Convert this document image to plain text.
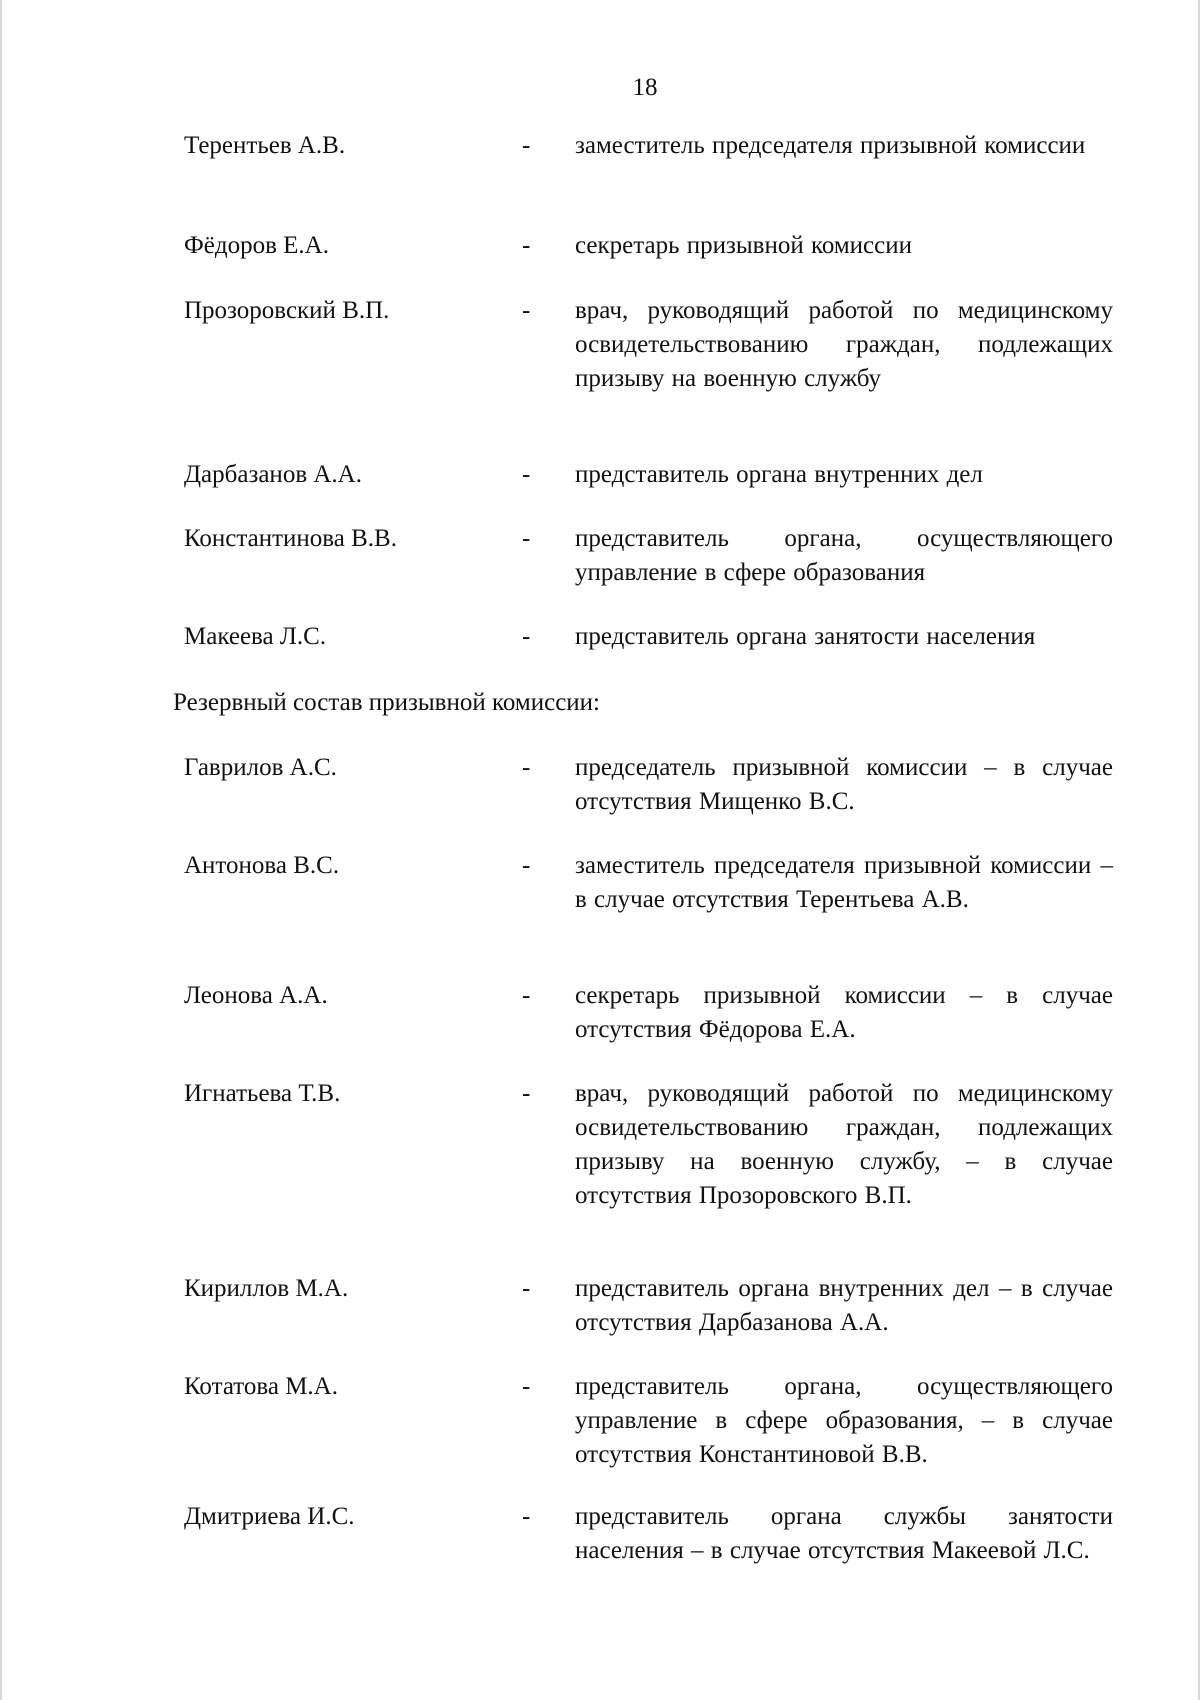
18
Терентьев А.В.	- заместитель председателя призывной комиссии
Фёдоров Е.А.	- секретарь призывной комиссии
Прозоровский В.П.	- врач, руководящий работой по медицинскому освидетельствованию граждан, подлежащих призыву на военную службу
Дарбазанов А.А.	- представитель органа внутренних дел
Константинова В.В.	- представитель органа, осуществляющего управление в сфере образования
Макеева Л.С.	- представитель органа занятости населения
Резервный состав призывной комиссии:
Гаврилов А.С.	- председатель призывной комиссии – в случае отсутствия Мищенко В.С.
Антонова В.С.	- заместитель председателя призывной комиссии – в случае отсутствия Терентьева А.В.
Леонова А.А.	- секретарь призывной комиссии – в случае отсутствия Фёдорова Е.А.
Игнатьева Т.В.	- врач, руководящий работой по медицинскому освидетельствованию граждан, подлежащих призыву на военную службу, – в случае отсутствия Прозоровского В.П.
Кириллов М.А.	- представитель органа внутренних дел – в случае отсутствия Дарбазанова А.А.
Котатова М.А.	- представитель органа, осуществляющего управление в сфере образования, – в случае отсутствия Константиновой В.В.
Дмитриева И.С.	- представитель органа службы занятости населения – в случае отсутствия Макеевой Л.С.
